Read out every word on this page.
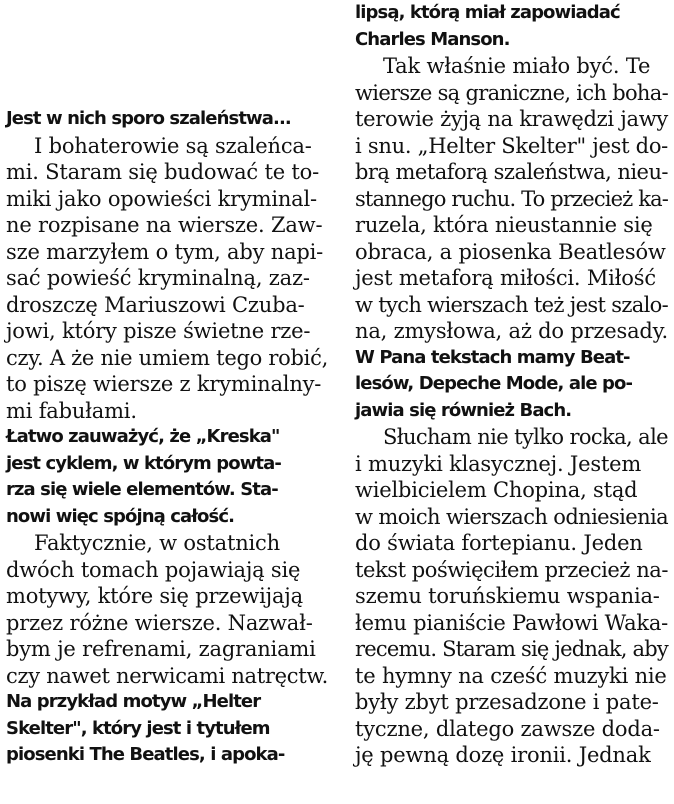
Jest w nich sporo szaleństwa...
I bohaterowie są szaleńca-
mi. Staram się budować te to-
miki jako opowieści kryminal-
ne rozpisane na wiersze. Zaw-
sze marzyłem o tym, aby napi-
sać powieść kryminalną, zaz-
droszczę Mariuszowi Czuba-
jowi, który pisze świetne rze-
czy. A że nie umiem tego robić,
to piszę wiersze z kryminalny-
mi fabułami.
Łatwo zauważyć, że „Kreska"
jest cyklem, w którym powta-
rza się wiele elementów. Sta-
nowi więc spójną całość.
Faktycznie, w ostatnich
dwóch tomach pojawiają się
motywy, które się przewijają
przez różne wiersze. Nazwał-
bym je refrenami, zagraniami
czy nawet nerwicami natręctw.
Na przykład motyw „Helter
Skelter", który jest i tytułem
piosenki The Beatles, i apoka-
lipsą, którą miał zapowiadać
Charles Manson.
Tak właśnie miało być. Te
wiersze są graniczne, ich boha-
terowie żyją na krawędzi jawy
i snu. „Helter Skelter" jest do-
brą metaforą szaleństwa, nieu-
stannego ruchu. To przecież ka-
ruzela, która nieustannie się
obraca, a piosenka Beatlesów
jest metaforą miłości. Miłość
w tych wierszach też jest szalo-
na, zmysłowa, aż do przesady.
W Pana tekstach mamy Beat-
lesów, Depeche Mode, ale po-
jawia się również Bach.
Słucham nie tylko rocka, ale
i muzyki klasycznej. Jestem
wielbicielem Chopina, stąd
w moich wierszach odniesienia
do świata fortepianu. Jeden
tekst poświęciłem przecież na-
szemu toruńskiemu wspania-
łemu pianiście Pawłowi Waka-
recemu. Staram się jednak, aby
te hymny na cześć muzyki nie
były zbyt przesadzone i pate-
tyczne, dlatego zawsze doda-
ję pewną dozę ironii. Jednak
